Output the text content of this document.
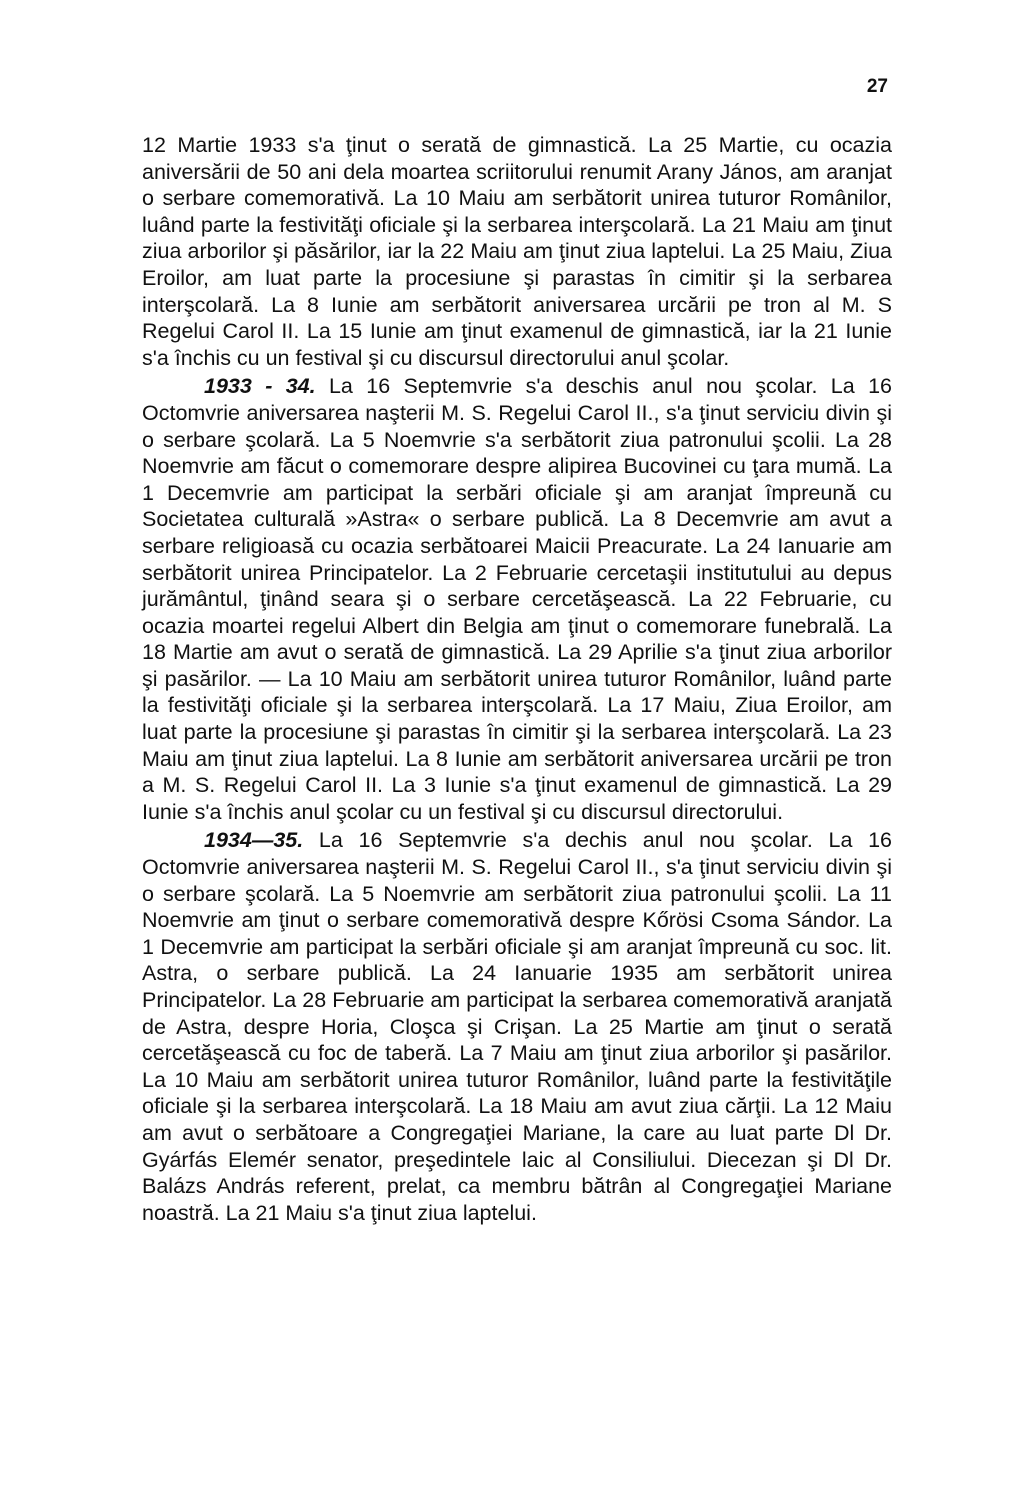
27

12 Martie 1933 s'a ţinut o serată de gimnastică. La 25 Martie, cu ocazia aniversării de 50 ani dela moartea scriitorului renumit Arany János, am aranjat o serbare comemorativă. La 10 Maiu am serbătorit unirea tuturor Românilor, luând parte la festivităţi oficiale şi la serbarea interşcolară. La 21 Maiu am ţinut ziua arborilor şi păsărilor, iar la 22 Maiu am ţinut ziua laptelui. La 25 Maiu, Ziua Eroilor, am luat parte la procesiune şi parastas în cimitir şi la serbarea interşcolară. La 8 Iunie am serbătorit aniversarea urcării pe tron al M. S Regelui Carol II. La 15 Iunie am ţinut examenul de gimnastică, iar la 21 Iunie s'a închis cu un festival şi cu discursul directorului anul şcolar.

1933 - 34. La 16 Septemvrie s'a deschis anul nou şcolar. La 16 Octomvrie aniversarea naşterii M. S. Regelui Carol II., s'a ţinut serviciu divin şi o serbare şcolară. La 5 Noemvrie s'a serbătorit ziua patronului şcolii. La 28 Noemvrie am făcut o comemorare despre alipirea Bucovinei cu ţara mumă. La 1 Decemvrie am participat la serbări oficiale şi am aranjat împreună cu Societatea culturală »Astra« o serbare publică. La 8 Decemvrie am avut a serbare religioasă cu ocazia serbătoarei Maicii Preacurate. La 24 Ianuarie am serbătorit unirea Principatelor. La 2 Februarie cercetaşii institutului au depus jurământul, ţinând seara şi o serbare cercetăşească. La 22 Februarie, cu ocazia moartei regelui Albert din Belgia am ţinut o comemorare funebrală. La 18 Martie am avut o serată de gimnastică. La 29 Aprilie s'a ţinut ziua arborilor şi pasărilor. — La 10 Maiu am serbătorit unirea tuturor Românilor, luând parte la festivităţi oficiale şi la serbarea interşcolară. La 17 Maiu, Ziua Eroilor, am luat parte la procesiune şi parastas în cimitir şi la serbarea interşcolară. La 23 Maiu am ţinut ziua laptelui. La 8 Iunie am serbătorit aniversarea urcării pe tron a M. S. Regelui Carol II. La 3 Iunie s'a ţinut examenul de gimnastică. La 29 Iunie s'a închis anul şcolar cu un festival şi cu discursul directorului.

1934—35. La 16 Septemvrie s'a dechis anul nou şcolar. La 16 Octomvrie aniversarea naşterii M. S. Regelui Carol II., s'a ţinut serviciu divin şi o serbare şcolară. La 5 Noemvrie am serbătorit ziua patronului şcolii. La 11 Noemvrie am ţinut o serbare comemorativă despre Kőrösi Csoma Sándor. La 1 Decemvrie am participat la serbări oficiale şi am aranjat împreună cu soc. lit. Astra, o serbare publică. La 24 Ianuarie 1935 am serbătorit unirea Principatelor. La 28 Februarie am participat la serbarea comemorativă aranjată de Astra, despre Horia, Cloşca şi Crişan. La 25 Martie am ţinut o serată cercetăşească cu foc de taberă. La 7 Maiu am ţinut ziua arborilor şi pasărilor. La 10 Maiu am serbătorit unirea tuturor Românilor, luând parte la festivităţile oficiale şi la serbarea interşcolară. La 18 Maiu am avut ziua cărţii. La 12 Maiu am avut o serbătoare a Congregaţiei Mariane, la care au luat parte Dl Dr. Gyárfás Elemér senator, preşedintele laic al Consiliului. Diecezan şi Dl Dr. Balázs András referent, prelat, ca membru bătrân al Congregaţiei Mariane noastră. La 21 Maiu s'a ţinut ziua laptelui.
